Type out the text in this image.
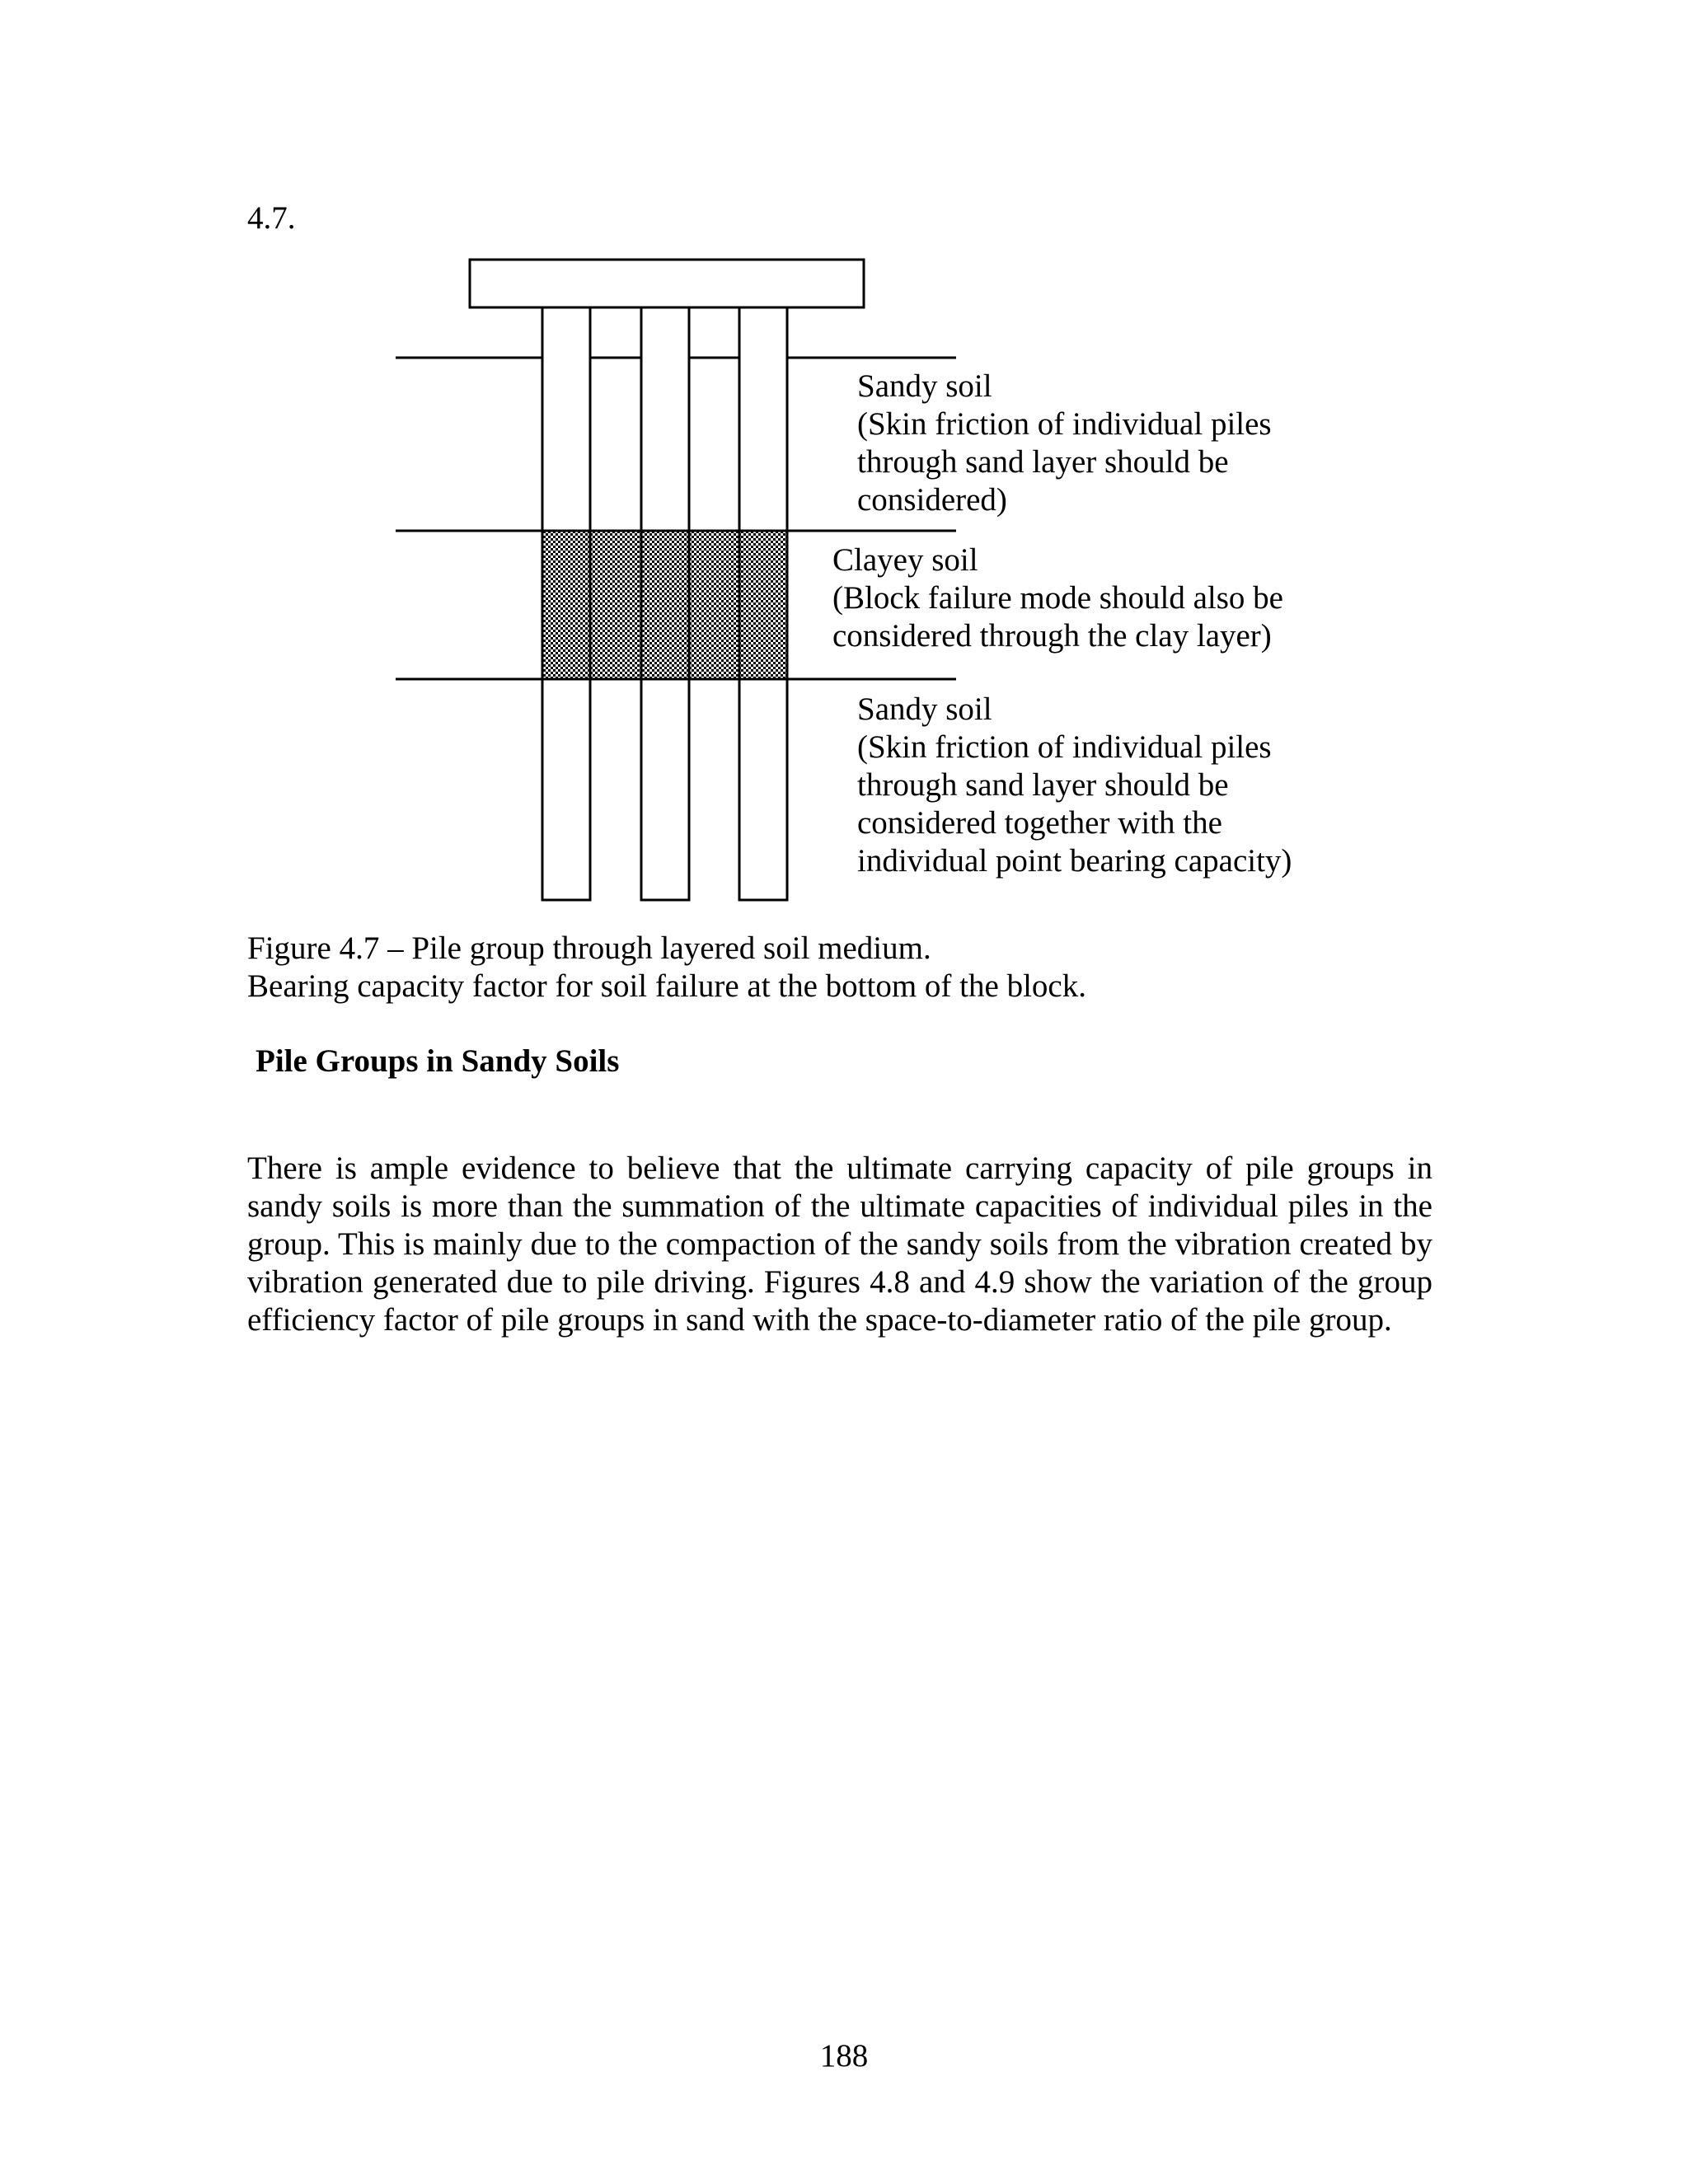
4.7.
Sandy soil
(Skin friction of individual piles
through sand layer should be
considered)
Clayey soil
(Block failure mode should also be
considered through the clay layer)
Sandy soil
(Skin friction of individual piles
through sand layer should be
considered together with the
individual point bearing capacity)
Figure 4.7 – Pile group through layered soil medium.
Bearing capacity factor for soil failure at the bottom of the block.
Pile Groups in Sandy Soils

There is ample evidence to believe that the ultimate carrying capacity of pile groups in sandy soils is more than the summation of the ultimate capacities of individual piles in the group. This is mainly due to the compaction of the sandy soils from the vibration created by vibration generated due to pile driving. Figures 4.8 and 4.9 show the variation of the group efficiency factor of pile groups in sand with the space-to-diameter ratio of the pile group.

188
